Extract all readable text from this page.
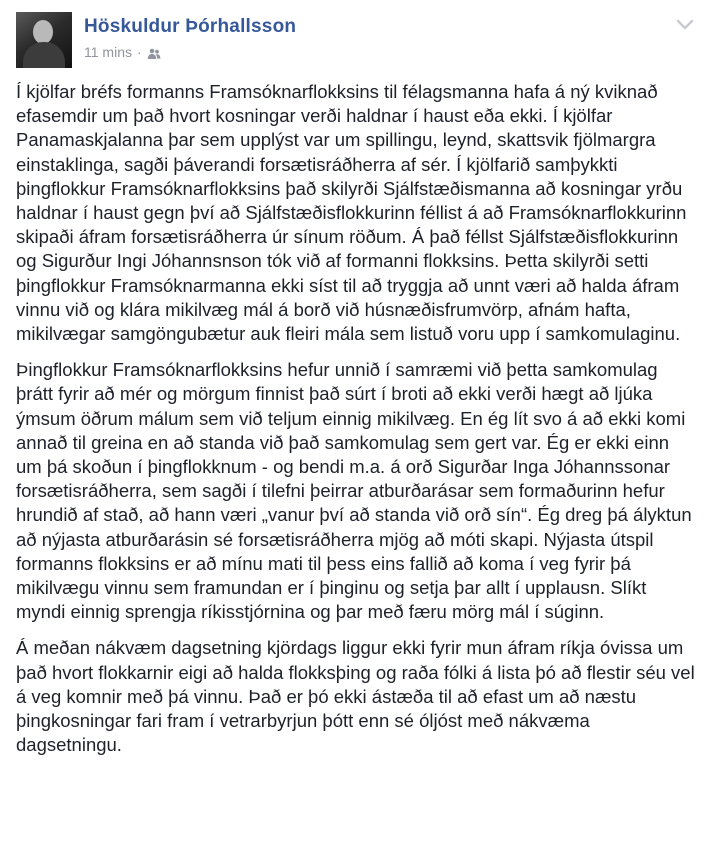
Höskuldur Þórhallsson
11 mins ·

Í kjölfar bréfs formanns Framsóknarflokksins til félagsmanna hafa á ný kviknað efasemdir um það hvort kosningar verði haldnar í haust eða ekki. Í kjölfar Panamaskjalanna þar sem upplýst var um spillingu, leynd, skattsvik fjölmargra einstaklinga, sagði þáverandi forsætisráðherra af sér. Í kjölfarið samþykkti þingflokkur Framsóknarflokksins það skilyrði Sjálfstæðismanna að kosningar yrðu haldnar í haust gegn því að Sjálfstæðisflokkurinn féllist á að Framsóknarflokkurinn skipaði áfram forsætisráðherra úr sínum röðum. Á það féllst Sjálfstæðisflokkurinn og Sigurður Ingi Jóhannsnson tók við af formanni flokksins. Þetta skilyrði setti þingflokkur Framsóknarmanna ekki síst til að tryggja að unnt væri að halda áfram vinnu við og klára mikilvæg mál á borð við húsnæðisfrumvörp, afnám hafta, mikilvægar samgöngubætur auk fleiri mála sem listuð voru upp í samkomulaginu.

Þingflokkur Framsóknarflokksins hefur unnið í samræmi við þetta samkomulag þrátt fyrir að mér og mörgum finnist það súrt í broti að ekki verði hægt að ljúka ýmsum öðrum málum sem við teljum einnig mikilvæg. En ég lít svo á að ekki komi annað til greina en að standa við það samkomulag sem gert var. Ég er ekki einn um þá skoðun í þingflokknum - og bendi m.a. á orð Sigurðar Inga Jóhannssonar forsætisráðherra, sem sagði í tilefni þeirrar atburðarásar sem formaðurinn hefur hrundið af stað, að hann væri „vanur því að standa við orð sín“. Ég dreg þá ályktun að nýjasta atburðarásin sé forsætisráðherra mjög að móti skapi. Nýjasta útspil formanns flokksins er að mínu mati til þess eins fallið að koma í veg fyrir þá mikilvægu vinnu sem framundan er í þinginu og setja þar allt í upplausn. Slíkt myndi einnig sprengja ríkisstjórnina og þar með færu mörg mál í súginn.

Á meðan nákvæm dagsetning kjördags liggur ekki fyrir mun áfram ríkja óvissa um það hvort flokkarnir eigi að halda flokksþing og raða fólki á lista þó að flestir séu vel á veg komnir með þá vinnu. Það er þó ekki ástæða til að efast um að næstu þingkosningar fari fram í vetrarbyrjun þótt enn sé óljóst með nákvæma dagsetningu.
